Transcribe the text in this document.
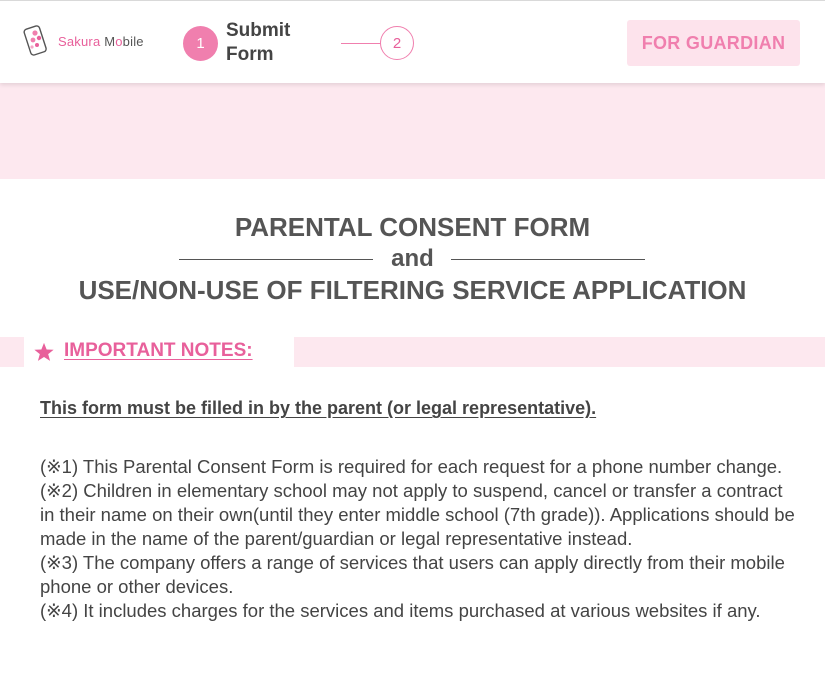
Sakura Mobile	1
Submit
Form
2	FOR GUARDIAN
PARENTAL CONSENT FORM
and
USE/NON-USE OF FILTERING SERVICE APPLICATION
IMPORTANT NOTES:
This form must be filled in by the parent (or legal representative).

(※1) This Parental Consent Form is required for each request for a phone number change.

(※2) Children in elementary school may not apply to suspend, cancel or transfer a contract in their name on their own(until they enter middle school (7th grade)). Applications should be made in the name of the parent/guardian or legal representative instead.

(※3) The company offers a range of services that users can apply directly from their mobile phone or other devices.

(※4) It includes charges for the services and items purchased at various websites if any.
